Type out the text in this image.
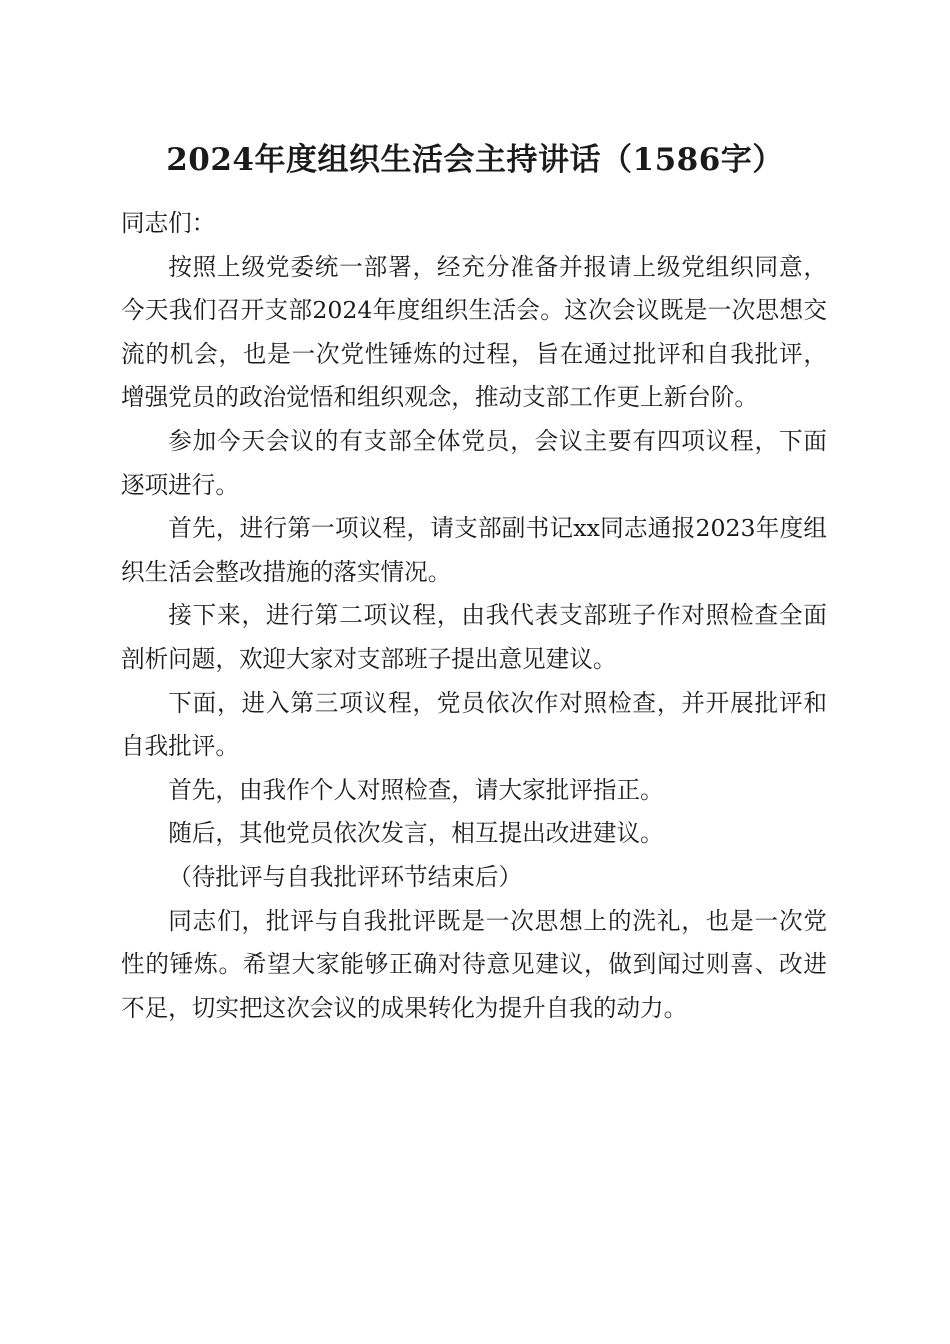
2024年度组织生活会主持讲话（1586字）

同志们：

按照上级党委统一部署，经充分准备并报请上级党组织同意，今天我们召开支部2024年度组织生活会。这次会议既是一次思想交流的机会，也是一次党性锤炼的过程，旨在通过批评和自我批评，增强党员的政治觉悟和组织观念，推动支部工作更上新台阶。

参加今天会议的有支部全体党员，会议主要有四项议程，下面逐项进行。

首先，进行第一项议程，请支部副书记xx同志通报2023年度组织生活会整改措施的落实情况。

接下来，进行第二项议程，由我代表支部班子作对照检查全面剖析问题，欢迎大家对支部班子提出意见建议。

下面，进入第三项议程，党员依次作对照检查，并开展批评和自我批评。

首先，由我作个人对照检查，请大家批评指正。

随后，其他党员依次发言，相互提出改进建议。

（待批评与自我批评环节结束后）

同志们，批评与自我批评既是一次思想上的洗礼，也是一次党性的锤炼。希望大家能够正确对待意见建议，做到闻过则喜、改进不足，切实把这次会议的成果转化为提升自我的动力。
